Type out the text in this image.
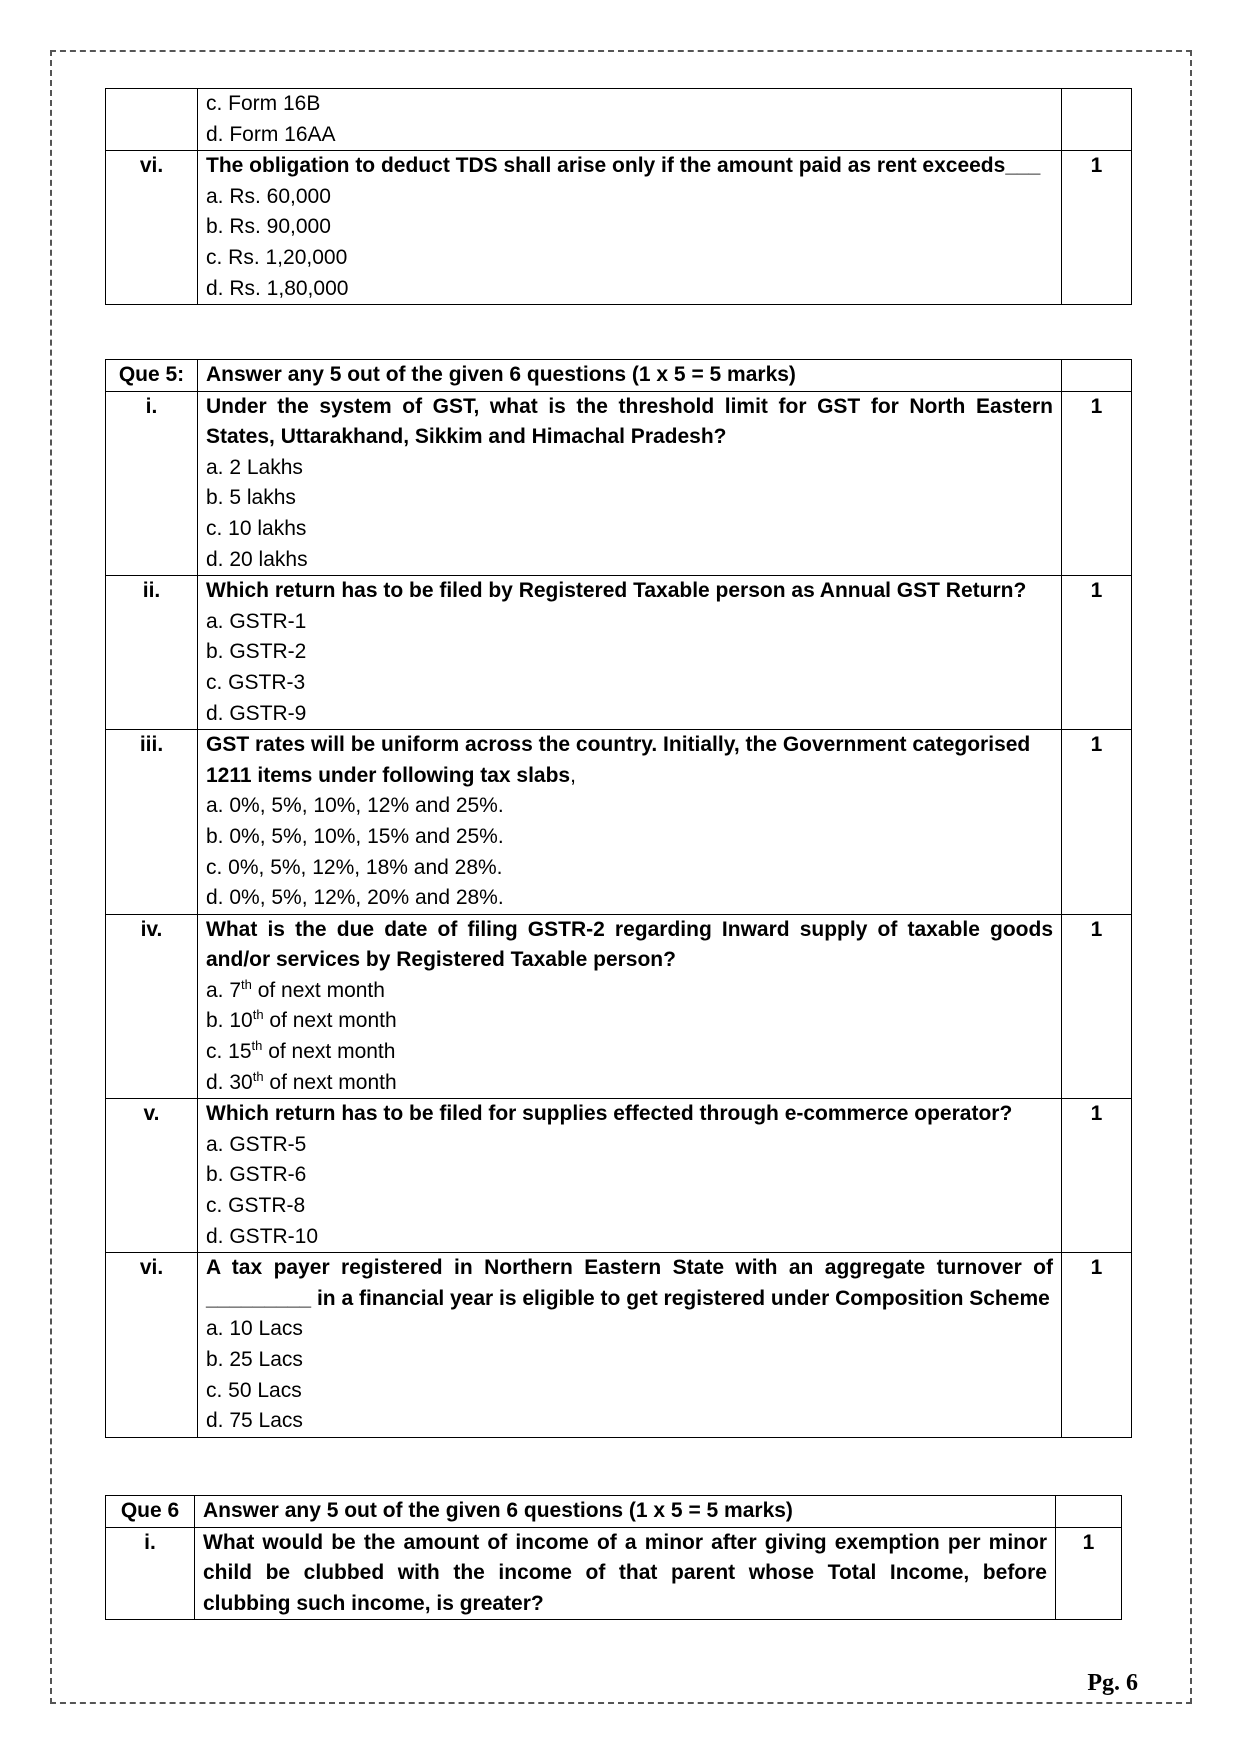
	c. Form 16B
d. Form 16AA	

vi.	The obligation to deduct TDS shall arise only if the amount paid as rent exceeds___
a. Rs. 60,000
b. Rs. 90,000
c. Rs. 1,20,000
d. Rs. 1,80,000	1
Que 5:	Answer any 5 out of the given 6 questions (1 x 5 = 5 marks)	
i.	Under the system of GST, what is the threshold limit for GST for North Eastern States, Uttarakhand, Sikkim and Himachal Pradesh?
a. 2 Lakhs
b. 5 lakhs
c. 10 lakhs
d. 20 lakhs	1
ii.	Which return has to be filed by Registered Taxable person as Annual GST Return?
a. GSTR-1
b. GSTR-2
c. GSTR-3
d. GSTR-9	1
iii.	GST rates will be uniform across the country. Initially, the Government categorised 1211 items under following tax slabs,
a. 0%, 5%, 10%, 12% and 25%.
b. 0%, 5%, 10%, 15% and 25%.
c. 0%, 5%, 12%, 18% and 28%.
d. 0%, 5%, 12%, 20% and 28%.	1
iv.	What is the due date of filing GSTR-2 regarding Inward supply of taxable goods and/or services by Registered Taxable person?
a. 7th of next month
b. 10th of next month
c. 15th of next month
d. 30th of next month	1
v.	Which return has to be filed for supplies effected through e-commerce operator?
a. GSTR-5
b. GSTR-6
c. GSTR-8
d. GSTR-10	1
vi.	A tax payer registered in Northern Eastern State with an aggregate turnover of _________ in a financial year is eligible to get registered under Composition Scheme
a. 10 Lacs
b. 25 Lacs
c. 50 Lacs
d. 75 Lacs	1
Que 6	Answer any 5 out of the given 6 questions (1 x 5 = 5 marks)	
i.	What would be the amount of income of a minor after giving exemption per minor child be clubbed with the income of that parent whose Total Income, before clubbing such income, is greater?	1
Pg. 6
